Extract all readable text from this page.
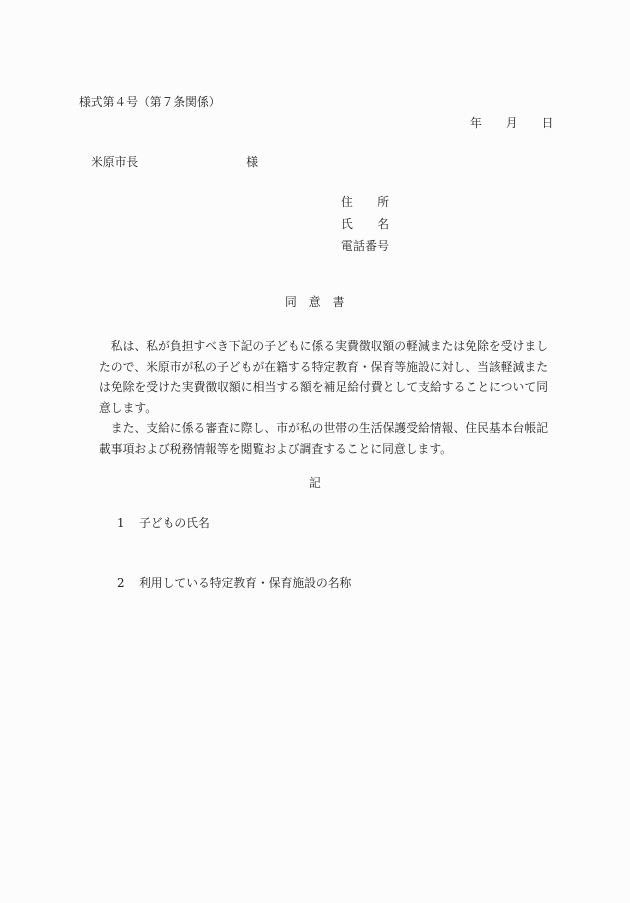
様式第４号（第７条関係）
年 月 日
米原市長	様
住所
氏名
電話番号
同意書

私は、私が負担すべき下記の子どもに係る実費徴収額の軽減または免除を受けましたので、米原市が私の子どもが在籍する特定教育・保育等施設に対し、当該軽減または免除を受けた実費徴収額に相当する額を補足給付費として支給することについて同意します。

また、支給に係る審査に際し、市が私の世帯の生活保護受給情報、住民基本台帳記載事項および税務情報等を閲覧および調査することに同意します。

記
1 子どもの氏名
2 利用している特定教育・保育施設の名称
